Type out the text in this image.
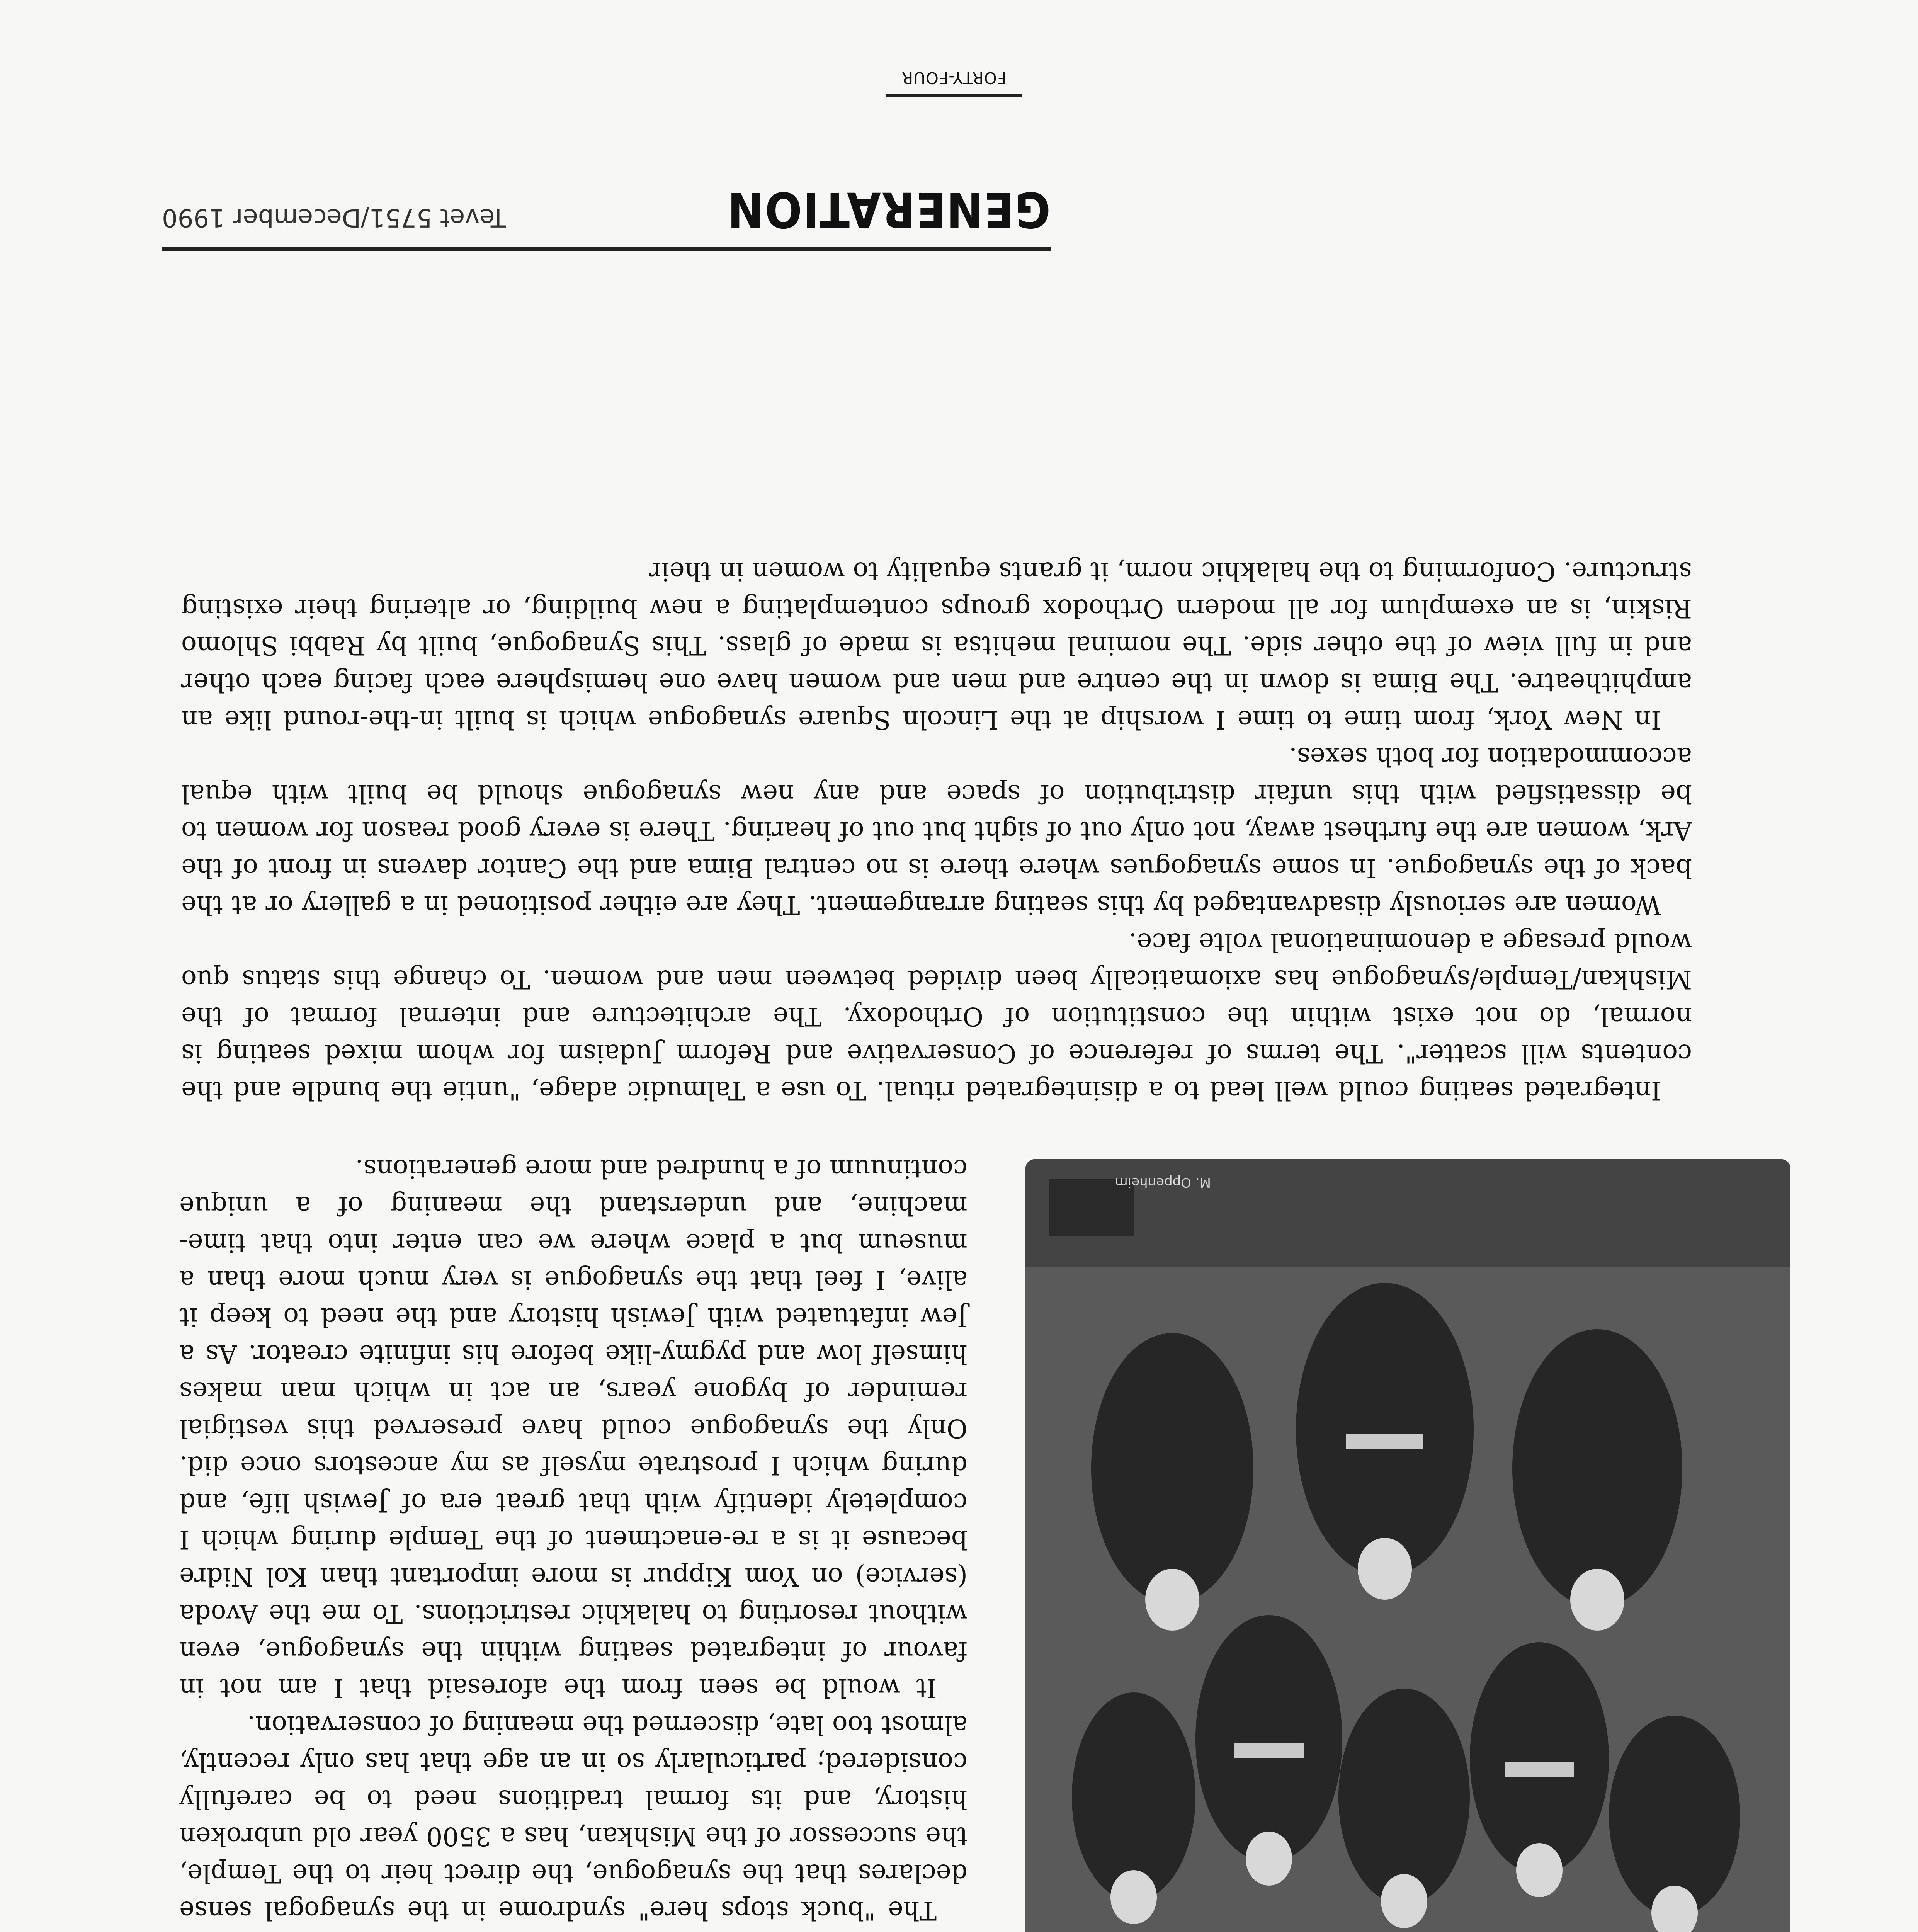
GENERATION
Tevet 5751/December 1990

The "buck stops here" syndrome in the synagogal sense declares that the synagogue, the direct heir to the Temple, the successor of the Mishkan, has a 3500 year old unbroken history, and its formal traditions need to be carefully considered; particularly so in an age that has only recently, almost too late, discerned the meaning of conservation.

It would be seen from the aforesaid that I am not in favour of integrated seating within the synagogue, even without resorting to halakhic restrictions. To me the Avoda (service) on Yom Kippur is more important than Kol Nidre because it is a re-enactment of the Temple during which I completely identify with that great era of Jewish life, and during which I prostrate myself as my ancestors once did. Only the synagogue could have preserved this vestigial reminder of bygone years, an act in which man makes himself low and pygmy-like before his infinite creator. As a Jew infatuated with Jewish history and the need to keep it alive, I feel that the synagogue is very much more than a museum but a place where we can enter into that time-machine, and understand the meaning of a unique continuum of a hundred and more generations.

Integrated seating could well lead to a disintegrated ritual. To use a Talmudic adage, "untie the bundle and the contents will scatter". The terms of reference of Conservative and Reform Judaism for whom mixed seating is normal, do not exist within the constitution of Orthodoxy. The architecture and internal format of the Mishkan/Temple/synagogue has axiomatically been divided between men and women. To change this status quo would presage a denominational volte face.

Women are seriously disadvantaged by this seating arrangement. They are either positioned in a gallery or at the back of the synagogue. In some synagogues where there is no central Bima and the Cantor davens in front of the Ark, women are the furthest away, not only out of sight but out of hearing. There is every good reason for women to be dissatisfied with this unfair distribution of space and any new synagogue should be built with equal accommodation for both sexes.

In New York, from time to time I worship at the Lincoln Square synagogue which is built in-the-round like an amphitheatre. The Bima is down in the centre and men and women have one hemisphere each facing each other and in full view of the other side. The nominal mehitsa is made of glass. This Synagogue, built by Rabbi Shlomo Riskin, is an exemplum for all modern Orthodox groups contemplating a new building, or altering their existing structure. Conforming to the halakhic norm, it grants equality to women in their

M. Oppenheim
FORTY-FOUR
